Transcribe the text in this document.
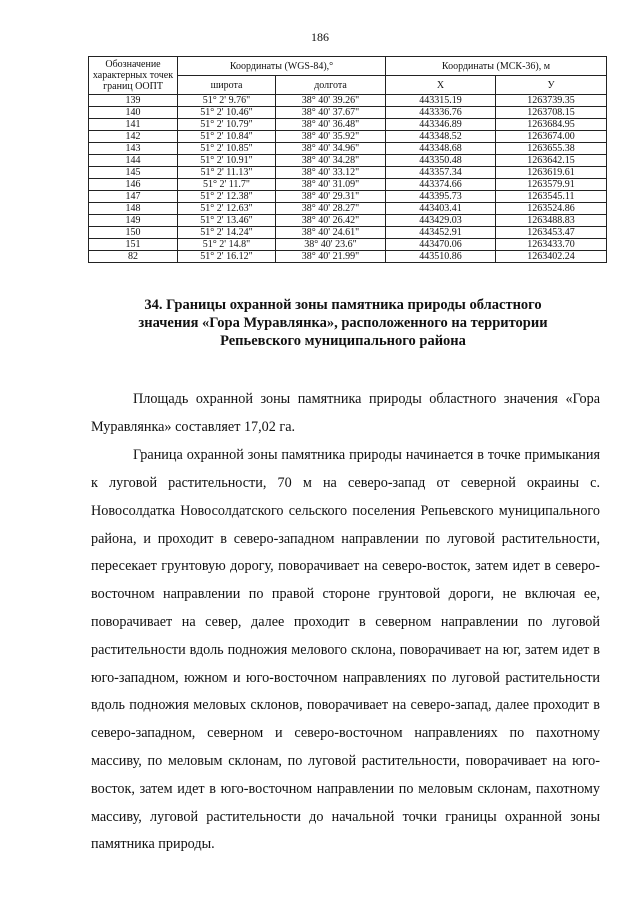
186
Обозначение характерных точек границ ООПТ	Координаты (WGS-84),°		Координаты (МСК-36), м	
	широта	долгота	X	У
139	51° 2' 9.76"	38° 40' 39.26"	443315.19	1263739.35
140	51° 2' 10.46"	38° 40' 37.67"	443336.76	1263708.15
141	51° 2' 10.79"	38° 40' 36.48"	443346.89	1263684.95
142	51° 2' 10.84"	38° 40' 35.92"	443348.52	1263674.00
143	51° 2' 10.85"	38° 40' 34.96"	443348.68	1263655.38
144	51° 2' 10.91"	38° 40' 34.28"	443350.48	1263642.15
145	51° 2' 11.13"	38° 40' 33.12"	443357.34	1263619.61
146	51° 2' 11.7"	38° 40' 31.09"	443374.66	1263579.91
147	51° 2' 12.38"	38° 40' 29.31"	443395.73	1263545.11
148	51° 2' 12.63"	38° 40' 28.27"	443403.41	1263524.86
149	51° 2' 13.46"	38° 40' 26.42"	443429.03	1263488.83
150	51° 2' 14.24"	38° 40' 24.61"	443452.91	1263453.47
151	51° 2' 14.8"	38° 40' 23.6"	443470.06	1263433.70
82	51° 2' 16.12"	38° 40' 21.99"	443510.86	1263402.24
34. Границы охранной зоны памятника природы областного
значения «Гора Муравлянка», расположенного на территории
Репьевского муниципального района

Площадь охранной зоны памятника природы областного значения «Гора Муравлянка» составляет 17,02 га.

Граница охранной зоны памятника природы начинается в точке примыкания к луговой растительности, 70 м на северо-запад от северной окраины с. Новосолдатка Новосолдатского сельского поселения Репьевского муниципального района, и проходит в северо-западном направлении по луговой растительности, пересекает грунтовую дорогу, поворачивает на северо-восток, затем идет в северо-восточном направлении по правой стороне грунтовой дороги, не включая ее, поворачивает на север, далее проходит в северном направлении по луговой растительности вдоль подножия мелового склона, поворачивает на юг, затем идет в юго-западном, южном и юго-восточном направлениях по луговой растительности вдоль подножия меловых склонов, поворачивает на северо-запад, далее проходит в северо-западном, северном и северо-восточном направлениях по пахотному массиву, по меловым склонам, по луговой растительности, поворачивает на юго-восток, затем идет в юго-восточном направлении по меловым склонам, пахотному массиву, луговой растительности до начальной точки границы охранной зоны памятника природы.
